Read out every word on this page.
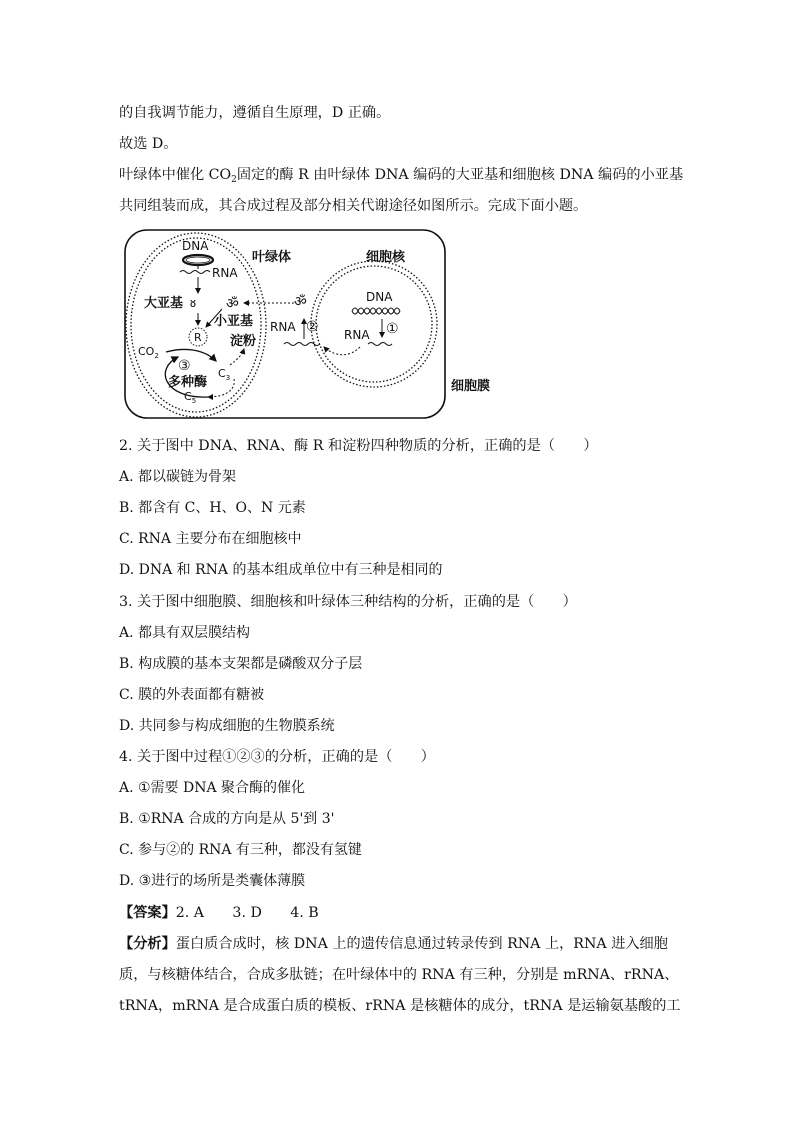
的自我调节能力，遵循自生原理，D 正确。
故选 D。
叶绿体中催化 $CO_2$固定的酶 R 由叶绿体 DNA 编码的大亚基和细胞核 DNA 编码的小亚基
共同组装而成，其合成过程及部分相关代谢途径如图所示。完成下面小题。
DNA
RNA
叶绿体
大亚基 ᴕ ॐ
小亚基
R 淀粉
$CO_2$
③
多种酶
$C_3$
$C_5$
ॐ
RNA ②
细胞核
DNA
①
RNA
细胞膜
2. 关于图中 DNA、RNA、酶 R 和淀粉四种物质的分析，正确的是（　　）
A. 都以碳链为骨架
B. 都含有 C、H、O、N 元素
C. RNA 主要分布在细胞核中
D. DNA 和 RNA 的基本组成单位中有三种是相同的
3. 关于图中细胞膜、细胞核和叶绿体三种结构的分析，正确的是（　　）
A. 都具有双层膜结构
B. 构成膜的基本支架都是磷酸双分子层
C. 膜的外表面都有糖被
D. 共同参与构成细胞的生物膜系统
4. 关于图中过程①②③的分析，正确的是（　　）
A. ①需要 DNA 聚合酶的催化
B. ①RNA 合成的方向是从 5'到 3'
C. 参与②的 RNA 有三种，都没有氢键
D. ③进行的场所是类囊体薄膜
【答案】2. A　　3. D　　4. B
【分析】蛋白质合成时，核 DNA 上的遗传信息通过转录传到 RNA 上，RNA 进入细胞
质，与核糖体结合，合成多肽链；在叶绿体中的 RNA 有三种，分别是 mRNA、rRNA、
tRNA，mRNA 是合成蛋白质的模板、rRNA 是核糖体的成分，tRNA 是运输氨基酸的工
